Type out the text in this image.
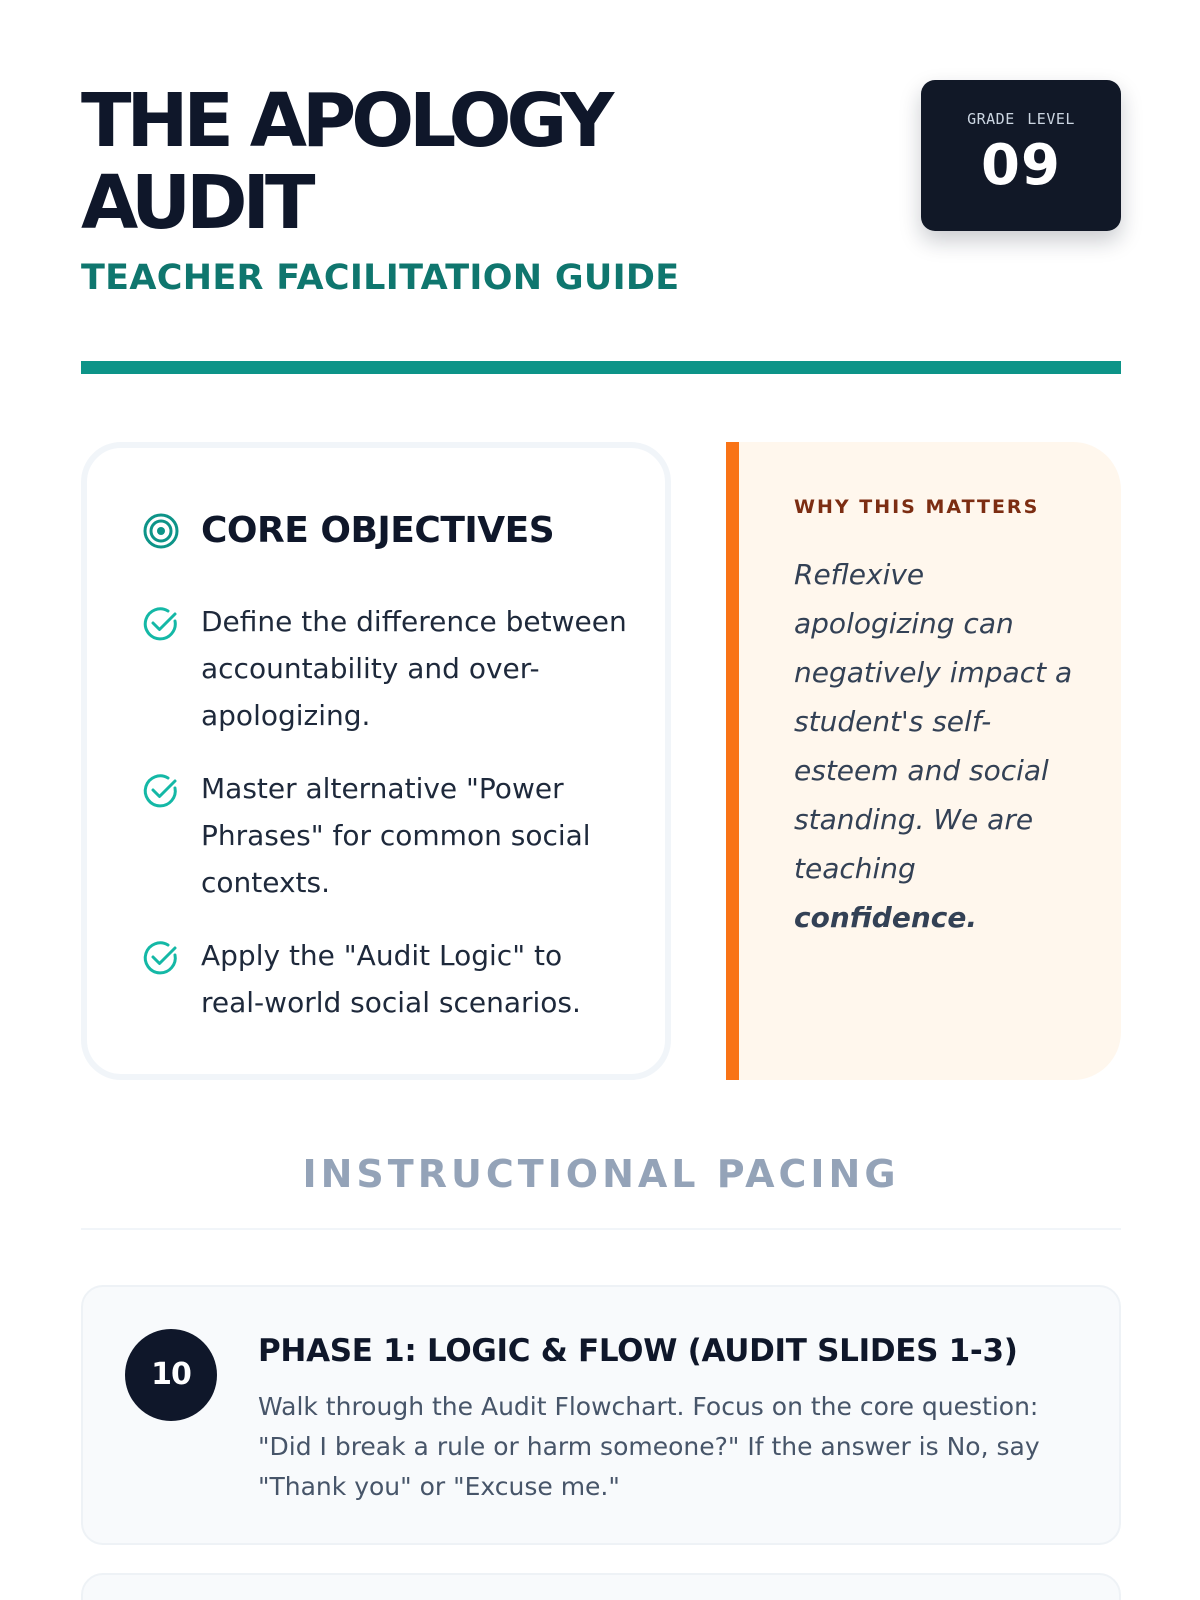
THE APOLOGY AUDIT
TEACHER FACILITATION GUIDE
GRADE LEVEL
09
CORE OBJECTIVES
Define the difference between accountability and over-apologizing.
Master alternative "Power Phrases" for common social contexts.
Apply the "Audit Logic" to real-world social scenarios.
WHY THIS MATTERS

Reflexive apologizing can negatively impact a student's self-esteem and social standing. We are teaching confidence.

INSTRUCTIONAL PACING
10
PHASE 1: LOGIC & FLOW (AUDIT SLIDES 1-3)

Walk through the Audit Flowchart. Focus on the core question: "Did I break a rule or harm someone?" If the answer is No, say "Thank you" or "Excuse me."
